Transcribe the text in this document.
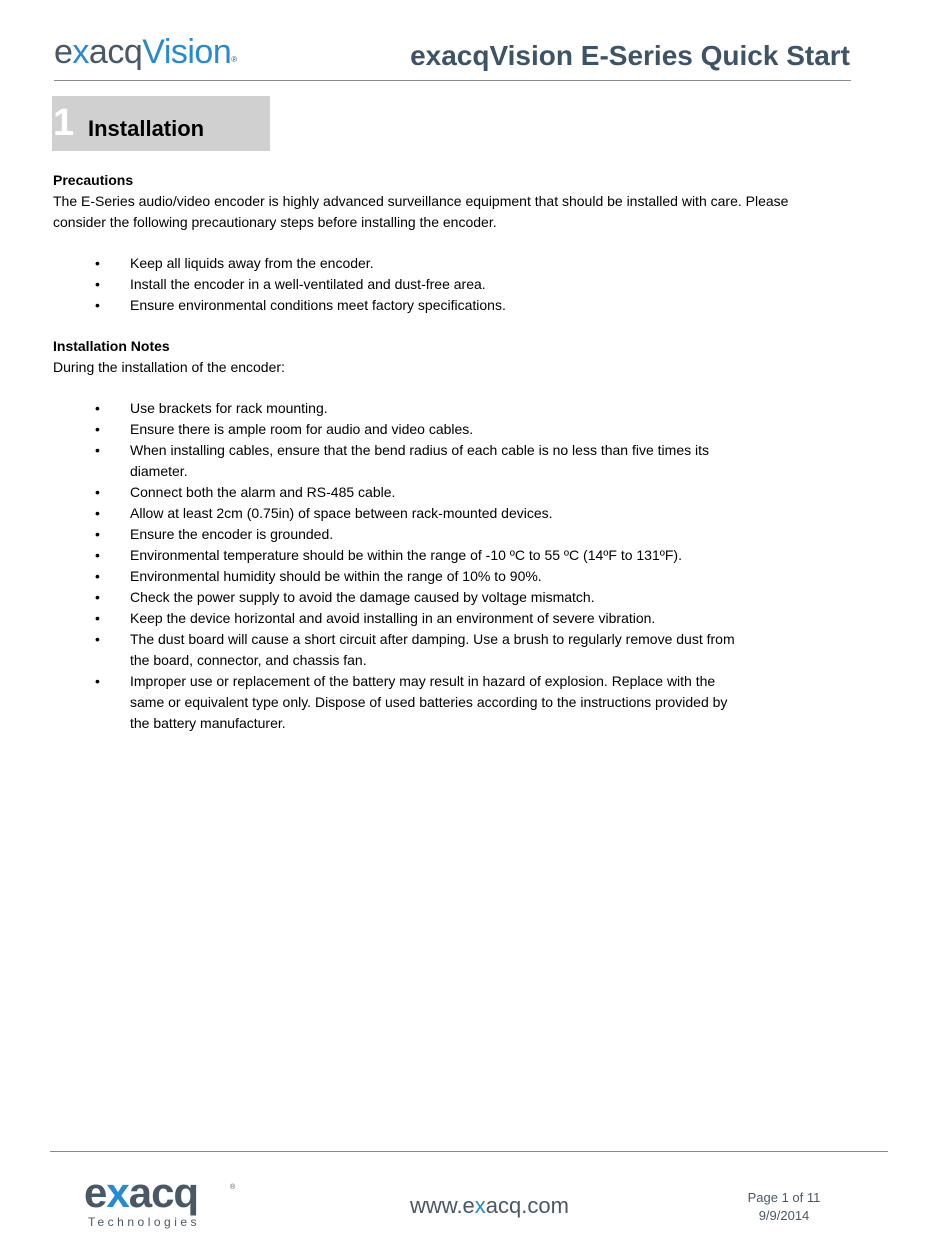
exacqVision®	exacqVision E-Series Quick Start
1 Installation

Precautions

The E-Series audio/video encoder is highly advanced surveillance equipment that should be installed with care. Please consider the following precautionary steps before installing the encoder.

• Keep all liquids away from the encoder.
• Install the encoder in a well-ventilated and dust-free area.
• Ensure environmental conditions meet factory specifications.

Installation Notes

During the installation of the encoder:

• Use brackets for rack mounting.
• Ensure there is ample room for audio and video cables.
• When installing cables, ensure that the bend radius of each cable is no less than five times its diameter.
• Connect both the alarm and RS-485 cable.
• Allow at least 2cm (0.75in) of space between rack-mounted devices.
• Ensure the encoder is grounded.
• Environmental temperature should be within the range of -10 ºC to 55 ºC (14ºF to 131ºF).
• Environmental humidity should be within the range of 10% to 90%.
• Check the power supply to avoid the damage caused by voltage mismatch.
• Keep the device horizontal and avoid installing in an environment of severe vibration.
• The dust board will cause a short circuit after damping. Use a brush to regularly remove dust from the board, connector, and chassis fan.
• Improper use or replacement of the battery may result in hazard of explosion. Replace with the same or equivalent type only. Dispose of used batteries according to the instructions provided by the battery manufacturer.
exacq	®
Technologies
www.exacq.com	Page 1 of 11
9/9/2014
